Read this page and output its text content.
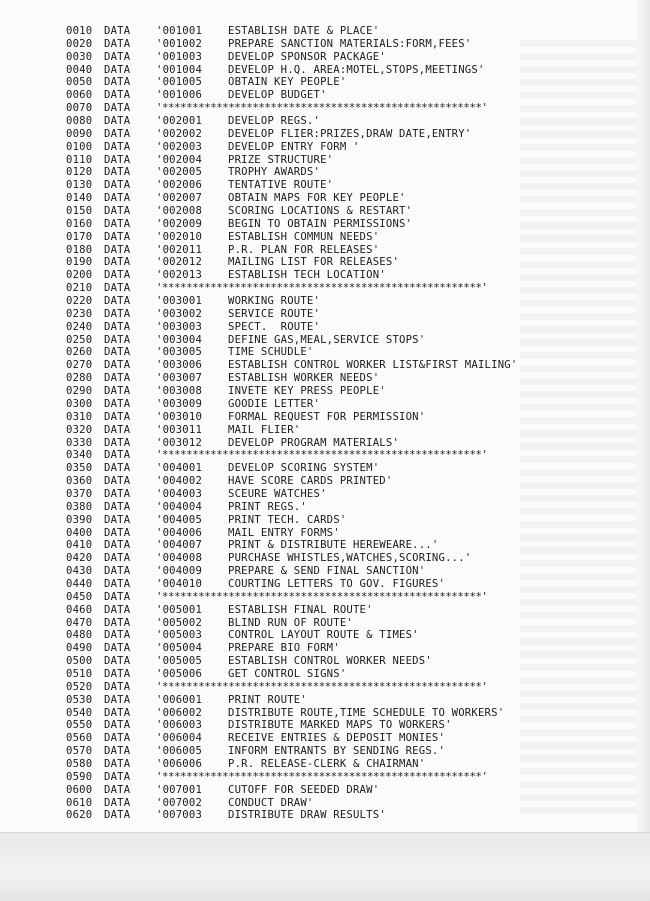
0010	DATA	'001001	ESTABLISH DATE & PLACE'
0020	DATA	'001002	PREPARE SANCTION MATERIALS:FORM,FEES'
0030	DATA	'001003	DEVELOP SPONSOR PACKAGE'
0040	DATA	'001004	DEVELOP H.Q. AREA:MOTEL,STOPS,MEETINGS'
0050	DATA	'001005	OBTAIN KEY PEOPLE'
0060	DATA	'001006	DEVELOP BUDGET'
0070	DATA	'*****************************************************'
0080	DATA	'002001	DEVELOP REGS.'
0090	DATA	'002002	DEVELOP FLIER:PRIZES,DRAW DATE,ENTRY'
0100	DATA	'002003	DEVELOP ENTRY FORM '
0110	DATA	'002004	PRIZE STRUCTURE'
0120	DATA	'002005	TROPHY AWARDS'
0130	DATA	'002006	TENTATIVE ROUTE'
0140	DATA	'002007	OBTAIN MAPS FOR KEY PEOPLE'
0150	DATA	'002008	SCORING LOCATIONS & RESTART'
0160	DATA	'002009	BEGIN TO OBTAIN PERMISSIONS'
0170	DATA	'002010	ESTABLISH COMMUN NEEDS'
0180	DATA	'002011	P.R. PLAN FOR RELEASES'
0190	DATA	'002012	MAILING LIST FOR RELEASES'
0200	DATA	'002013	ESTABLISH TECH LOCATION'
0210	DATA	'*****************************************************'
0220	DATA	'003001	WORKING ROUTE'
0230	DATA	'003002	SERVICE ROUTE'
0240	DATA	'003003	SPECT.  ROUTE'
0250	DATA	'003004	DEFINE GAS,MEAL,SERVICE STOPS'
0260	DATA	'003005	TIME SCHUDLE'
0270	DATA	'003006	ESTABLISH CONTROL WORKER LIST&FIRST MAILING'
0280	DATA	'003007	ESTABLISH WORKER NEEDS'
0290	DATA	'003008	INVETE KEY PRESS PEOPLE'
0300	DATA	'003009	GOODIE LETTER'
0310	DATA	'003010	FORMAL REQUEST FOR PERMISSION'
0320	DATA	'003011	MAIL FLIER'
0330	DATA	'003012	DEVELOP PROGRAM MATERIALS'
0340	DATA	'*****************************************************'
0350	DATA	'004001	DEVELOP SCORING SYSTEM'
0360	DATA	'004002	HAVE SCORE CARDS PRINTED'
0370	DATA	'004003	SCEURE WATCHES'
0380	DATA	'004004	PRINT REGS.'
0390	DATA	'004005	PRINT TECH. CARDS'
0400	DATA	'004006	MAIL ENTRY FORMS'
0410	DATA	'004007	PRINT & DISTRIBUTE HEREWEARE...'
0420	DATA	'004008	PURCHASE WHISTLES,WATCHES,SCORING...'
0430	DATA	'004009	PREPARE & SEND FINAL SANCTION'
0440	DATA	'004010	COURTING LETTERS TO GOV. FIGURES'
0450	DATA	'*****************************************************'
0460	DATA	'005001	ESTABLISH FINAL ROUTE'
0470	DATA	'005002	BLIND RUN OF ROUTE'
0480	DATA	'005003	CONTROL LAYOUT ROUTE & TIMES'
0490	DATA	'005004	PREPARE BIO FORM'
0500	DATA	'005005	ESTABLISH CONTROL WORKER NEEDS'
0510	DATA	'005006	GET CONTROL SIGNS'
0520	DATA	'*****************************************************'
0530	DATA	'006001	PRINT ROUTE'
0540	DATA	'006002	DISTRIBUTE ROUTE,TIME SCHEDULE TO WORKERS'
0550	DATA	'006003	DISTRIBUTE MARKED MAPS TO WORKERS'
0560	DATA	'006004	RECEIVE ENTRIES & DEPOSIT MONIES'
0570	DATA	'006005	INFORM ENTRANTS BY SENDING REGS.'
0580	DATA	'006006	P.R. RELEASE-CLERK & CHAIRMAN'
0590	DATA	'*****************************************************'
0600	DATA	'007001	CUTOFF FOR SEEDED DRAW'
0610	DATA	'007002	CONDUCT DRAW'
0620	DATA	'007003	DISTRIBUTE DRAW RESULTS'
